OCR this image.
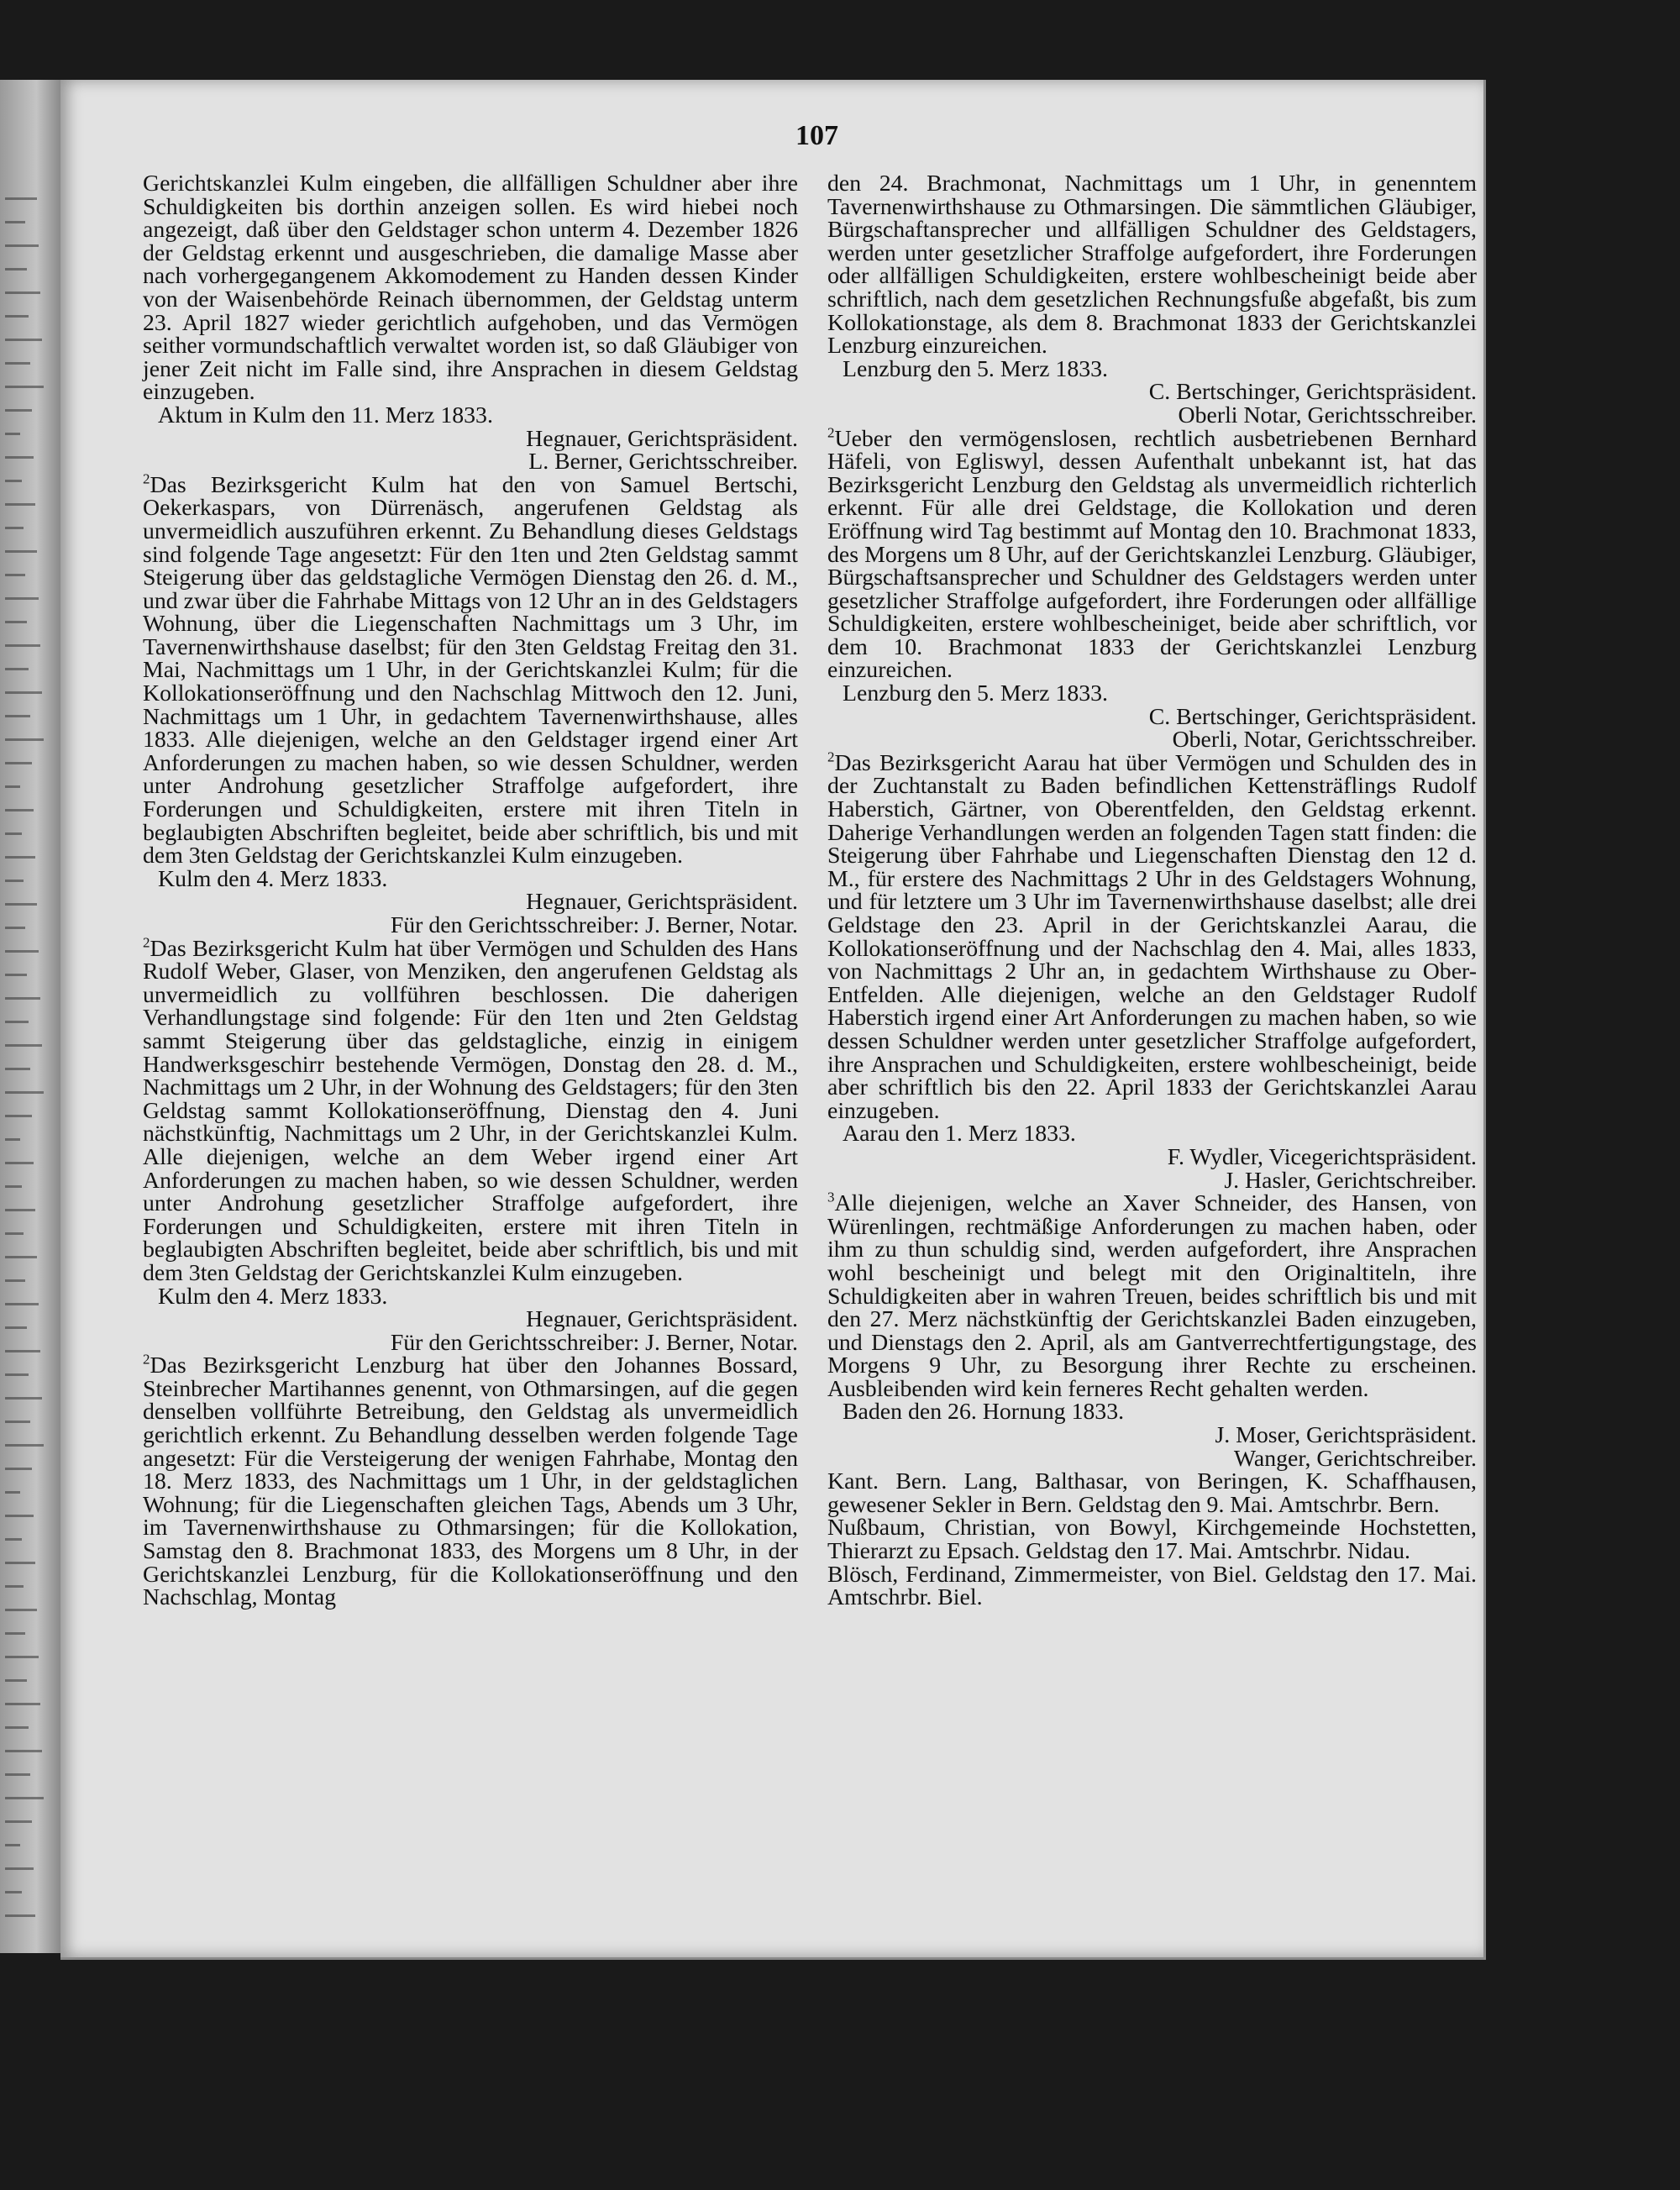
107

Gerichtskanzlei Kulm eingeben, die allfälligen Schuldner aber ihre Schuldigkeiten bis dorthin anzeigen sollen. Es wird hiebei noch angezeigt, daß über den Geldstager schon unterm 4. Dezember 1826 der Geldstag erkennt und ausgeschrieben, die damalige Masse aber nach vorhergegangenem Akkomodement zu Handen dessen Kinder von der Waisenbehörde Reinach übernommen, der Geldstag unterm 23. April 1827 wieder gerichtlich aufgehoben, und das Vermögen seither vormundschaftlich verwaltet worden ist, so daß Gläubiger von jener Zeit nicht im Falle sind, ihre Ansprachen in diesem Geldstag einzugeben.

Aktum in Kulm den 11. Merz 1833.

Hegnauer, Gerichtspräsident.

L. Berner, Gerichtsschreiber.

$^2$Das Bezirksgericht Kulm hat den von Samuel Bertschi, Oekerkaspars, von Dürrenäsch, angerufenen Geldstag als unvermeidlich auszuführen erkennt. Zu Behandlung dieses Geldstags sind folgende Tage angesetzt: Für den 1ten und 2ten Geldstag sammt Steigerung über das geldstagliche Vermögen Dienstag den 26. d. M., und zwar über die Fahrhabe Mittags von 12 Uhr an in des Geldstagers Wohnung, über die Liegenschaften Nachmittags um 3 Uhr, im Tavernenwirthshause daselbst; für den 3ten Geldstag Freitag den 31. Mai, Nachmittags um 1 Uhr, in der Gerichtskanzlei Kulm; für die Kollokationseröffnung und den Nachschlag Mittwoch den 12. Juni, Nachmittags um 1 Uhr, in gedachtem Tavernenwirthshause, alles 1833. Alle diejenigen, welche an den Geldstager irgend einer Art Anforderungen zu machen haben, so wie dessen Schuldner, werden unter Androhung gesetzlicher Straffolge aufgefordert, ihre Forderungen und Schuldigkeiten, erstere mit ihren Titeln in beglaubigten Abschriften begleitet, beide aber schriftlich, bis und mit dem 3ten Geldstag der Gerichtskanzlei Kulm einzugeben.

Kulm den 4. Merz 1833.

Hegnauer, Gerichtspräsident.

Für den Gerichtsschreiber: J. Berner, Notar.

$^2$Das Bezirksgericht Kulm hat über Vermögen und Schulden des Hans Rudolf Weber, Glaser, von Menziken, den angerufenen Geldstag als unvermeidlich zu vollführen beschlossen. Die daherigen Verhandlungstage sind folgende: Für den 1ten und 2ten Geldstag sammt Steigerung über das geldstagliche, einzig in einigem Handwerksgeschirr bestehende Vermögen, Donstag den 28. d. M., Nachmittags um 2 Uhr, in der Wohnung des Geldstagers; für den 3ten Geldstag sammt Kollokationseröffnung, Dienstag den 4. Juni nächstkünftig, Nachmittags um 2 Uhr, in der Gerichtskanzlei Kulm. Alle diejenigen, welche an dem Weber irgend einer Art Anforderungen zu machen haben, so wie dessen Schuldner, werden unter Androhung gesetzlicher Straffolge aufgefordert, ihre Forderungen und Schuldigkeiten, erstere mit ihren Titeln in beglaubigten Abschriften begleitet, beide aber schriftlich, bis und mit dem 3ten Geldstag der Gerichtskanzlei Kulm einzugeben.

Kulm den 4. Merz 1833.

Hegnauer, Gerichtspräsident.

Für den Gerichtsschreiber: J. Berner, Notar.

$^2$Das Bezirksgericht Lenzburg hat über den Johannes Bossard, Steinbrecher Martihannes genennt, von Othmarsingen, auf die gegen denselben vollführte Betreibung, den Geldstag als unvermeidlich gerichtlich erkennt. Zu Behandlung desselben werden folgende Tage angesetzt: Für die Versteigerung der wenigen Fahrhabe, Montag den 18. Merz 1833, des Nachmittags um 1 Uhr, in der geldstaglichen Wohnung; für die Liegenschaften gleichen Tags, Abends um 3 Uhr, im Tavernenwirthshause zu Othmarsingen; für die Kollokation, Samstag den 8. Brachmonat 1833, des Morgens um 8 Uhr, in der Gerichtskanzlei Lenzburg, für die Kollokationseröffnung und den Nachschlag, Montag

den 24. Brachmonat, Nachmittags um 1 Uhr, in genenntem Tavernenwirthshause zu Othmarsingen. Die sämmtlichen Gläubiger, Bürgschaftansprecher und allfälligen Schuldner des Geldstagers, werden unter gesetzlicher Straffolge aufgefordert, ihre Forderungen oder allfälligen Schuldigkeiten, erstere wohlbescheinigt beide aber schriftlich, nach dem gesetzlichen Rechnungsfuße abgefaßt, bis zum Kollokationstage, als dem 8. Brachmonat 1833 der Gerichtskanzlei Lenzburg einzureichen.

Lenzburg den 5. Merz 1833.

C. Bertschinger, Gerichtspräsident.

Oberli Notar, Gerichtsschreiber.

$^2$Ueber den vermögenslosen, rechtlich ausbetriebenen Bernhard Häfeli, von Egliswyl, dessen Aufenthalt unbekannt ist, hat das Bezirksgericht Lenzburg den Geldstag als unvermeidlich richterlich erkennt. Für alle drei Geldstage, die Kollokation und deren Eröffnung wird Tag bestimmt auf Montag den 10. Brachmonat 1833, des Morgens um 8 Uhr, auf der Gerichtskanzlei Lenzburg. Gläubiger, Bürgschaftsansprecher und Schuldner des Geldstagers werden unter gesetzlicher Straffolge aufgefordert, ihre Forderungen oder allfällige Schuldigkeiten, erstere wohlbescheiniget, beide aber schriftlich, vor dem 10. Brachmonat 1833 der Gerichtskanzlei Lenzburg einzureichen.

Lenzburg den 5. Merz 1833.

C. Bertschinger, Gerichtspräsident.

Oberli, Notar, Gerichtsschreiber.

$^2$Das Bezirksgericht Aarau hat über Vermögen und Schulden des in der Zuchtanstalt zu Baden befindlichen Kettensträflings Rudolf Haberstich, Gärtner, von Oberentfelden, den Geldstag erkennt. Daherige Verhandlungen werden an folgenden Tagen statt finden: die Steigerung über Fahrhabe und Liegenschaften Dienstag den 12 d. M., für erstere des Nachmittags 2 Uhr in des Geldstagers Wohnung, und für letztere um 3 Uhr im Tavernenwirthshause daselbst; alle drei Geldstage den 23. April in der Gerichtskanzlei Aarau, die Kollokationseröffnung und der Nachschlag den 4. Mai, alles 1833, von Nachmittags 2 Uhr an, in gedachtem Wirthshause zu Ober-Entfelden. Alle diejenigen, welche an den Geldstager Rudolf Haberstich irgend einer Art Anforderungen zu machen haben, so wie dessen Schuldner werden unter gesetzlicher Straffolge aufgefordert, ihre Ansprachen und Schuldigkeiten, erstere wohlbescheinigt, beide aber schriftlich bis den 22. April 1833 der Gerichtskanzlei Aarau einzugeben.

Aarau den 1. Merz 1833.

F. Wydler, Vicegerichtspräsident.

J. Hasler, Gerichtschreiber.

$^3$Alle diejenigen, welche an Xaver Schneider, des Hansen, von Würenlingen, rechtmäßige Anforderungen zu machen haben, oder ihm zu thun schuldig sind, werden aufgefordert, ihre Ansprachen wohl bescheinigt und belegt mit den Originaltiteln, ihre Schuldigkeiten aber in wahren Treuen, beides schriftlich bis und mit den 27. Merz nächstkünftig der Gerichtskanzlei Baden einzugeben, und Dienstags den 2. April, als am Gantverrechtfertigungstage, des Morgens 9 Uhr, zu Besorgung ihrer Rechte zu erscheinen. Ausbleibenden wird kein ferneres Recht gehalten werden.

Baden den 26. Hornung 1833.

J. Moser, Gerichtspräsident.

Wanger, Gerichtschreiber.

Kant. Bern. Lang, Balthasar, von Beringen, K. Schaffhausen, gewesener Sekler in Bern. Geldstag den 9. Mai. Amtschrbr. Bern.

Nußbaum, Christian, von Bowyl, Kirchgemeinde Hochstetten, Thierarzt zu Epsach. Geldstag den 17. Mai. Amtschrbr. Nidau.

Blösch, Ferdinand, Zimmermeister, von Biel. Geldstag den 17. Mai. Amtschrbr. Biel.
